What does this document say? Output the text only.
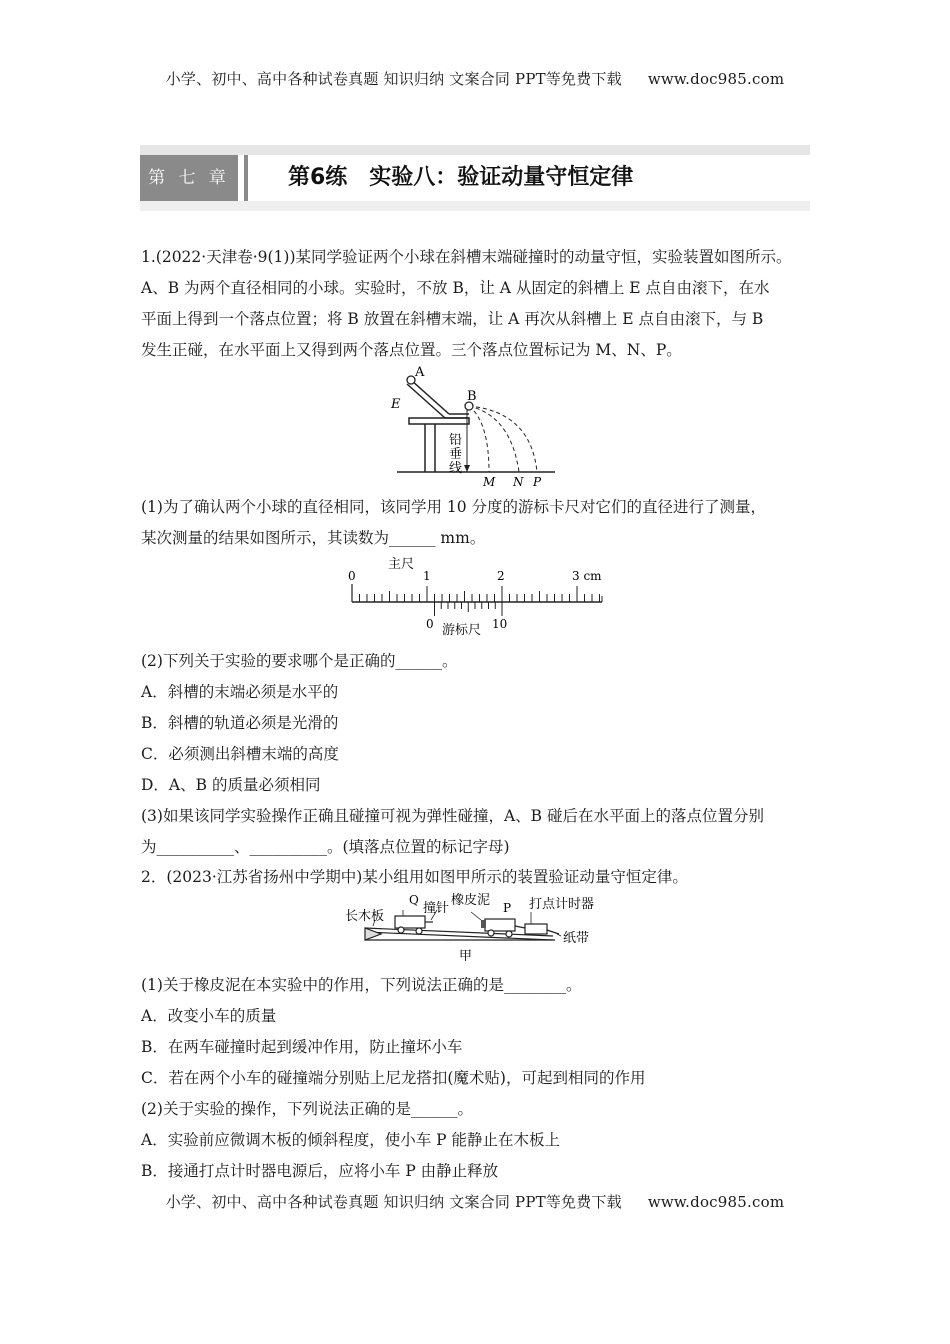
小学、初中、高中各种试卷真题 知识归纳 文案合同 PPT等免费下载 www.doc985.com
第 七 章	第6练　实验八：验证动量守恒定律
1.(2022·天津卷·9(1))某同学验证两个小球在斜槽末端碰撞时的动量守恒，实验装置如图所示。
A、B 为两个直径相同的小球。实验时，不放 B，让 A 从固定的斜槽上 E 点自由滚下，在水
平面上得到一个落点位置；将 B 放置在斜槽末端，让 A 再次从斜槽上 E 点自由滚下，与 B
发生正碰，在水平面上又得到两个落点位置。三个落点位置标记为 M、N、P。
A
E
B
铅
垂
线
M N P
(1)为了确认两个小球的直径相同，该同学用 10 分度的游标卡尺对它们的直径进行了测量，
某次测量的结果如图所示，其读数为______ mm。
主尺
0	1	2	3 cm
0 游标尺 10
(2)下列关于实验的要求哪个是正确的______。
A．斜槽的末端必须是水平的
B．斜槽的轨道必须是光滑的
C．必须测出斜槽末端的高度
D．A、B 的质量必须相同
(3)如果该同学实验操作正确且碰撞可视为弹性碰撞，A、B 碰后在水平面上的落点位置分别
为__________、__________。(填落点位置的标记字母)
2．(2023·江苏省扬州中学期中)某小组用如图甲所示的装置验证动量守恒定律。
长木板
Q
撞针
橡皮泥 P 打点计时器
纸带
甲
(1)关于橡皮泥在本实验中的作用，下列说法正确的是________。
A．改变小车的质量
B．在两车碰撞时起到缓冲作用，防止撞坏小车
C．若在两个小车的碰撞端分别贴上尼龙搭扣(魔术贴)，可起到相同的作用
(2)关于实验的操作，下列说法正确的是______。
A．实验前应微调木板的倾斜程度，使小车 P 能静止在木板上
B．接通打点计时器电源后，应将小车 P 由静止释放
小学、初中、高中各种试卷真题 知识归纳 文案合同 PPT等免费下载 www.doc985.com
